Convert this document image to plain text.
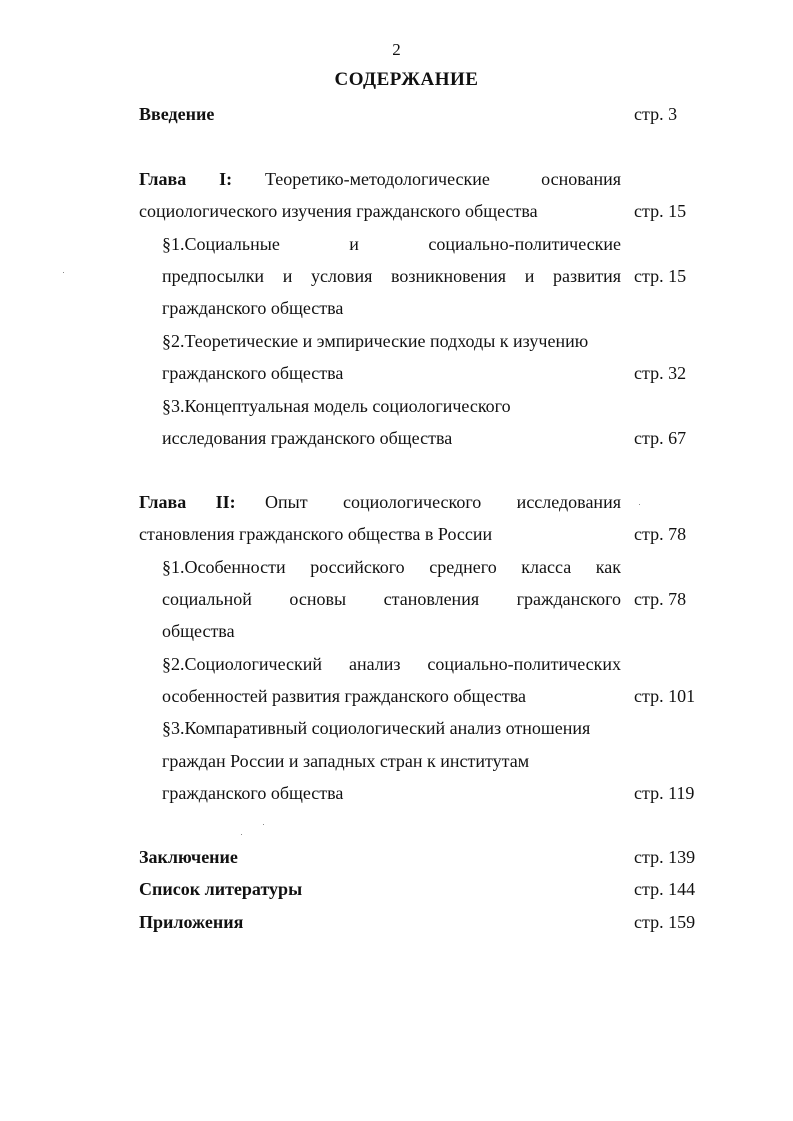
2
СОДЕРЖАНИЕ
Введение	стр. 3
Глава I: Теоретико-методологические основания
социологического изучения гражданского общества	стр. 15
§1.Социальные и социально-политические
предпосылки и условия возникновения и развития стр. 15
гражданского общества
§2.Теоретические и эмпирические подходы к изучению
гражданского общества	стр. 32
§3.Концептуальная модель социологического
исследования гражданского общества	стр. 67
Глава II: Опыт социологического исследования
становления гражданского общества в России	стр. 78
§1.Особенности российского среднего класса как
социальной основы становления гражданского стр. 78
общества
§2.Социологический анализ социально-политических
особенностей развития гражданского общества	стр. 101
§3.Компаративный социологический анализ отношения
граждан России и западных стран к институтам
гражданского общества	стр. 119
Заключение	стр. 139
Список литературы	стр. 144
Приложения	стр. 159
